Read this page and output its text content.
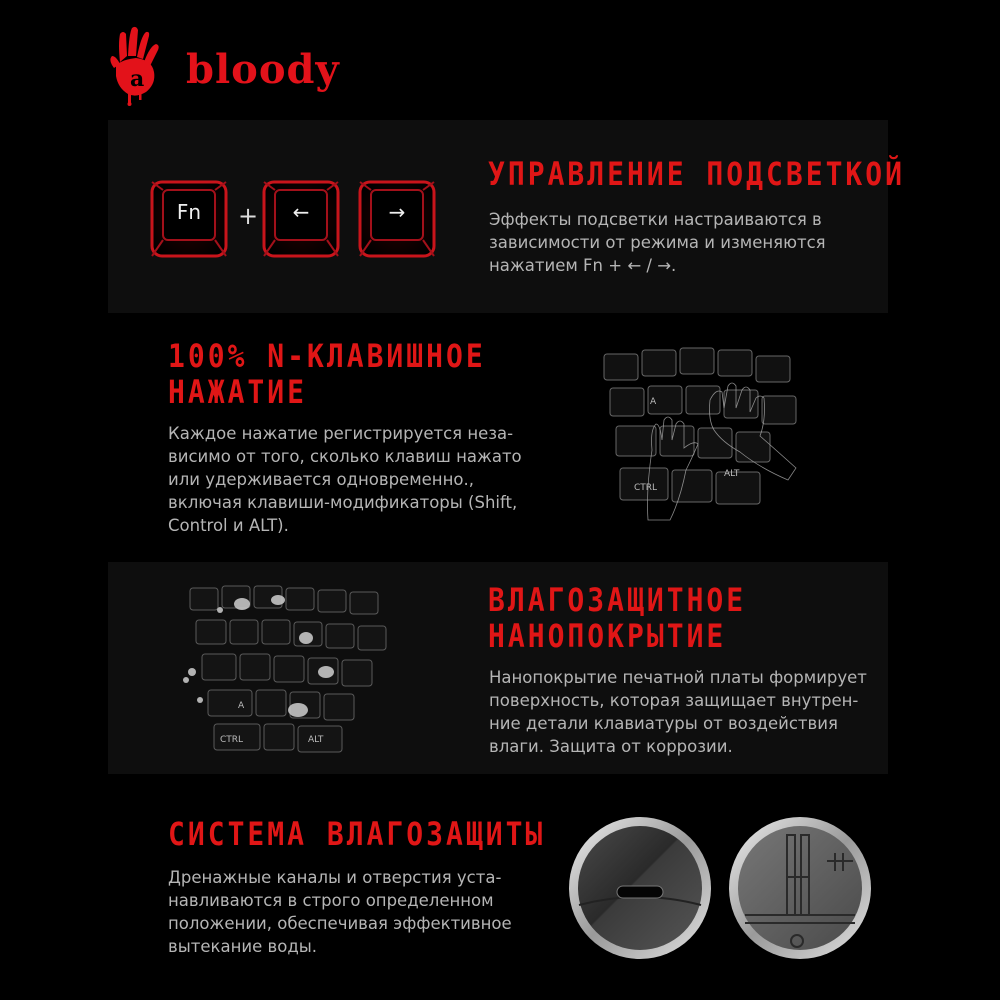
a bloody
Fn	+	←	→
УПРАВЛЕНИЕ ПОДСВЕТКОЙ

Эффекты подсветки настраиваются в

зависимости от режима и изменяются

нажатием Fn + ← / →.

100% N-КЛАВИШНОЕ
НАЖАТИЕ

Каждое нажатие регистрируется неза-

висимо от того, сколько клавиш нажато

или удерживается одновременно.,

включая клавиши-модификаторы (Shift,

Control и ALT).

A
CTRL
ALT
A
CTRL	ALT
ВЛАГОЗАЩИТНОЕ
НАНОПОКРЫТИЕ

Нанопокрытие печатной платы формирует

поверхность, которая защищает внутрен-

ние детали клавиатуры от воздействия

влаги. Защита от коррозии.

СИСТЕМА ВЛАГОЗАЩИТЫ

Дренажные каналы и отверстия уста-

навливаются в строго определенном

положении, обеспечивая эффективное

вытекание воды.
